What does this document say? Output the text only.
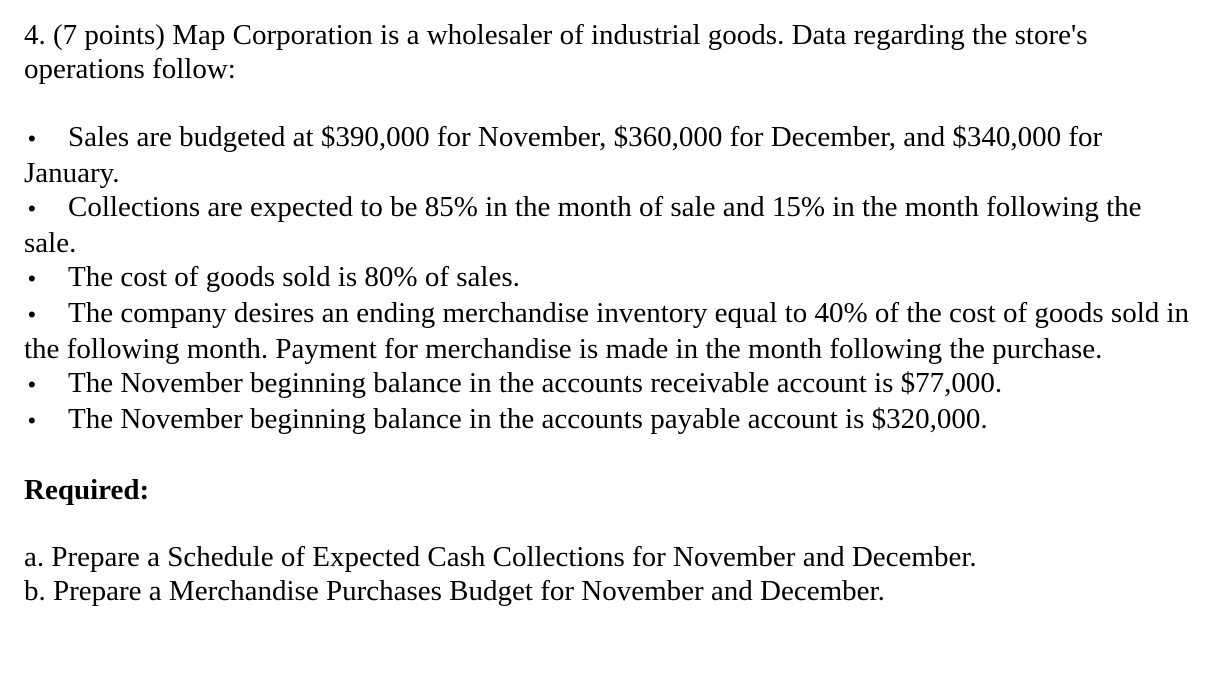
4. (7 points) Map Corporation is a wholesaler of industrial goods. Data regarding the store's operations follow:

• Sales are budgeted at $390,000 for November, $360,000 for December, and $340,000 for January.
• Collections are expected to be 85% in the month of sale and 15% in the month following the sale.
• The cost of goods sold is 80% of sales.
• The company desires an ending merchandise inventory equal to 40% of the cost of goods sold in the following month. Payment for merchandise is made in the month following the purchase.
• The November beginning balance in the accounts receivable account is $77,000.
• The November beginning balance in the accounts payable account is $320,000.

Required:

a. Prepare a Schedule of Expected Cash Collections for November and December.

b. Prepare a Merchandise Purchases Budget for November and December.
